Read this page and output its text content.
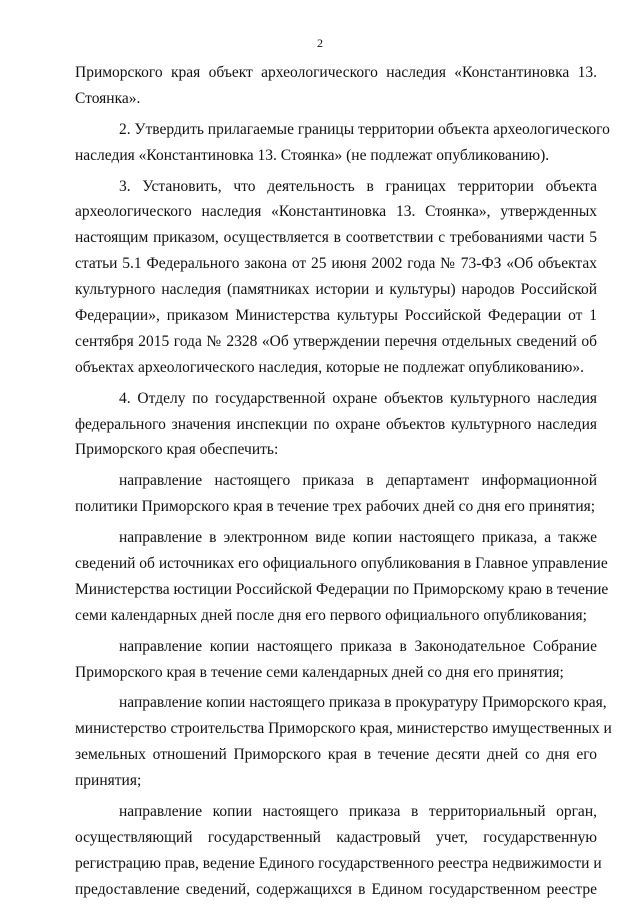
2
Приморского края объект археологического наследия «Константиновка 13.
Стоянка».
2. Утвердить прилагаемые границы территории объекта археологического
наследия «Константиновка 13. Стоянка» (не подлежат опубликованию).
3. Установить, что деятельность в границах территории объекта
археологического наследия «Константиновка 13. Стоянка», утвержденных
настоящим приказом, осуществляется в соответствии с требованиями части 5
статьи 5.1 Федерального закона от 25 июня 2002 года № 73-ФЗ «Об объектах
культурного наследия (памятниках истории и культуры) народов Российской
Федерации», приказом Министерства культуры Российской Федерации от 1
сентября 2015 года № 2328 «Об утверждении перечня отдельных сведений об
объектах археологического наследия, которые не подлежат опубликованию».
4. Отделу по государственной охране объектов культурного наследия
федерального значения инспекции по охране объектов культурного наследия
Приморского края обеспечить:
направление настоящего приказа в департамент информационной
политики Приморского края в течение трех рабочих дней со дня его принятия;
направление в электронном виде копии настоящего приказа, а также
сведений об источниках его официального опубликования в Главное управление
Министерства юстиции Российской Федерации по Приморскому краю в течение
семи календарных дней после дня его первого официального опубликования;
направление копии настоящего приказа в Законодательное Собрание
Приморского края в течение семи календарных дней со дня его принятия;
направление копии настоящего приказа в прокуратуру Приморского края,
министерство строительства Приморского края, министерство имущественных и
земельных отношений Приморского края в течение десяти дней со дня его
принятия;
направление копии настоящего приказа в территориальный орган,
осуществляющий государственный кадастровый учет, государственную
регистрацию прав, ведение Единого государственного реестра недвижимости и
предоставление сведений, содержащихся в Едином государственном реестре
